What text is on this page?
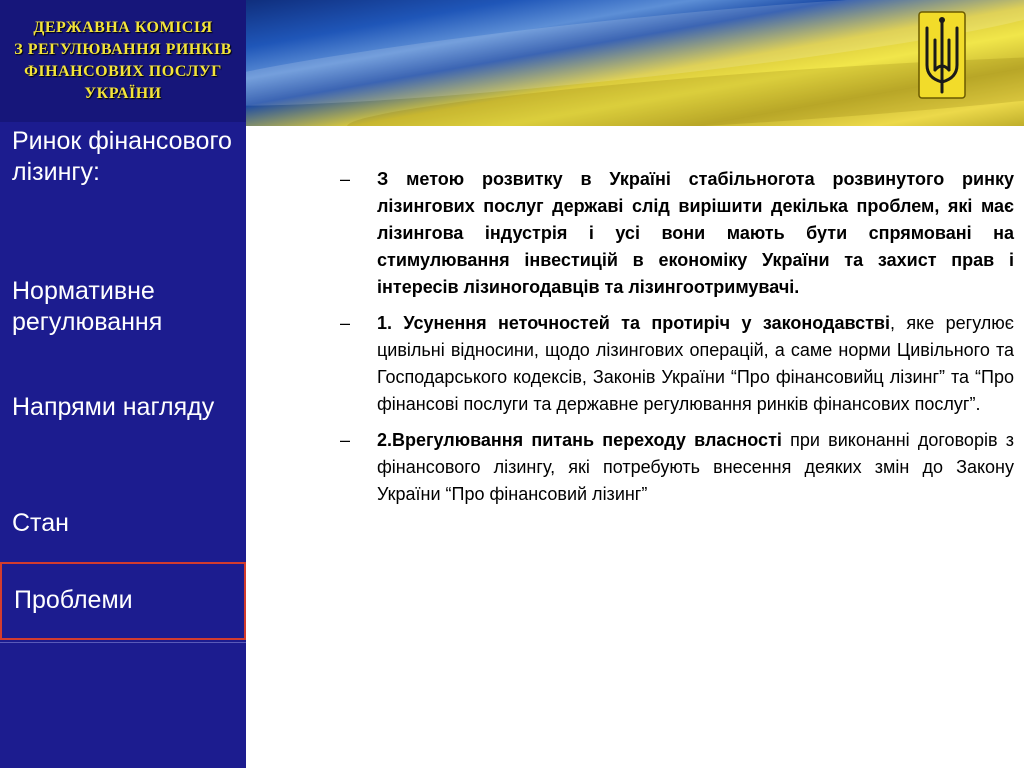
ДЕРЖАВНА КОМІСІЯ
З РЕГУЛЮВАННЯ РИНКІВ
ФІНАНСОВИХ ПОСЛУГ
УКРАЇНИ
Ринок фінансового лізингу:
Нормативне регулювання
Напрями нагляду
Стан
Проблеми
– З метою розвитку в Україні стабільногота розвинутого ринку лізингових послуг державі слід вирішити декілька проблем, які має лізингова індустрія і усі вони мають бути спрямовані на стимулювання інвестицій в економіку України та захист прав і інтересів лізиногодавців та лізингоотримувачі.
– 1. Усунення неточностей та протиріч у законодавстві, яке регулює цивільні відносини, щодо лізингових операцій, а саме норми Цивільного та Господарського кодексів, Законів України “Про фінансовийц лізинг” та “Про фінансові послуги та державне регулювання ринків фінансових послуг”.
– 2.Врегулювання питань переходу власності при виконанні договорів з фінансового лізингу, які потребують внесення деяких змін до Закону України “Про фінансовий лізинг”
